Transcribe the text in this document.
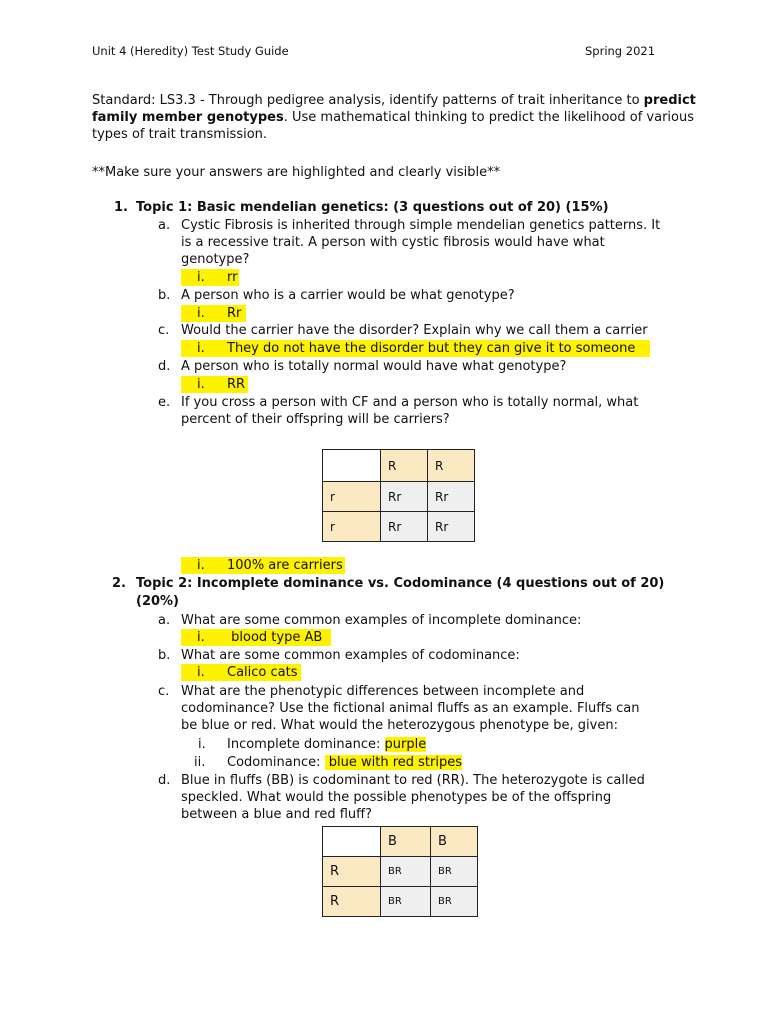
Unit 4 (Heredity) Test Study Guide	Spring 2021
Standard: LS3.3 - Through pedigree analysis, identify patterns of trait inheritance to predict family member genotypes. Use mathematical thinking to predict the likelihood of various types of trait transmission.
**Make sure your answers are highlighted and clearly visible**
1. Topic 1: Basic mendelian genetics: (3 questions out of 20) (15%)
a. Cystic Fibrosis is inherited through simple mendelian genetics patterns. It
is a recessive trait. A person with cystic fibrosis would have what
genotype?
i. rr
b. A person who is a carrier would be what genotype?
i. Rr
c. Would the carrier have the disorder? Explain why we call them a carrier
i. They do not have the disorder but they can give it to someone
d. A person who is totally normal would have what genotype?
i. RR
e. If you cross a person with CF and a person who is totally normal, what
percent of their offspring will be carriers?
	R	R
r	Rr	Rr
r	Rr	Rr
i. 100% are carriers
2. Topic 2: Incomplete dominance vs. Codominance (4 questions out of 20)
(20%)
a. What are some common examples of incomplete dominance:
i. blood type AB
b. What are some common examples of codominance:
i. Calico cats
c. What are the phenotypic differences between incomplete and
codominance? Use the fictional animal fluffs as an example. Fluffs can
be blue or red. What would the heterozygous phenotype be, given:
i. Incomplete dominance: purple
ii. Codominance:  blue with red stripes
d. Blue in fluffs (BB) is codominant to red (RR). The heterozygote is called
speckled. What would the possible phenotypes be of the offspring
between a blue and red fluff?
	B	B
R	BR	BR
R	BR	BR
